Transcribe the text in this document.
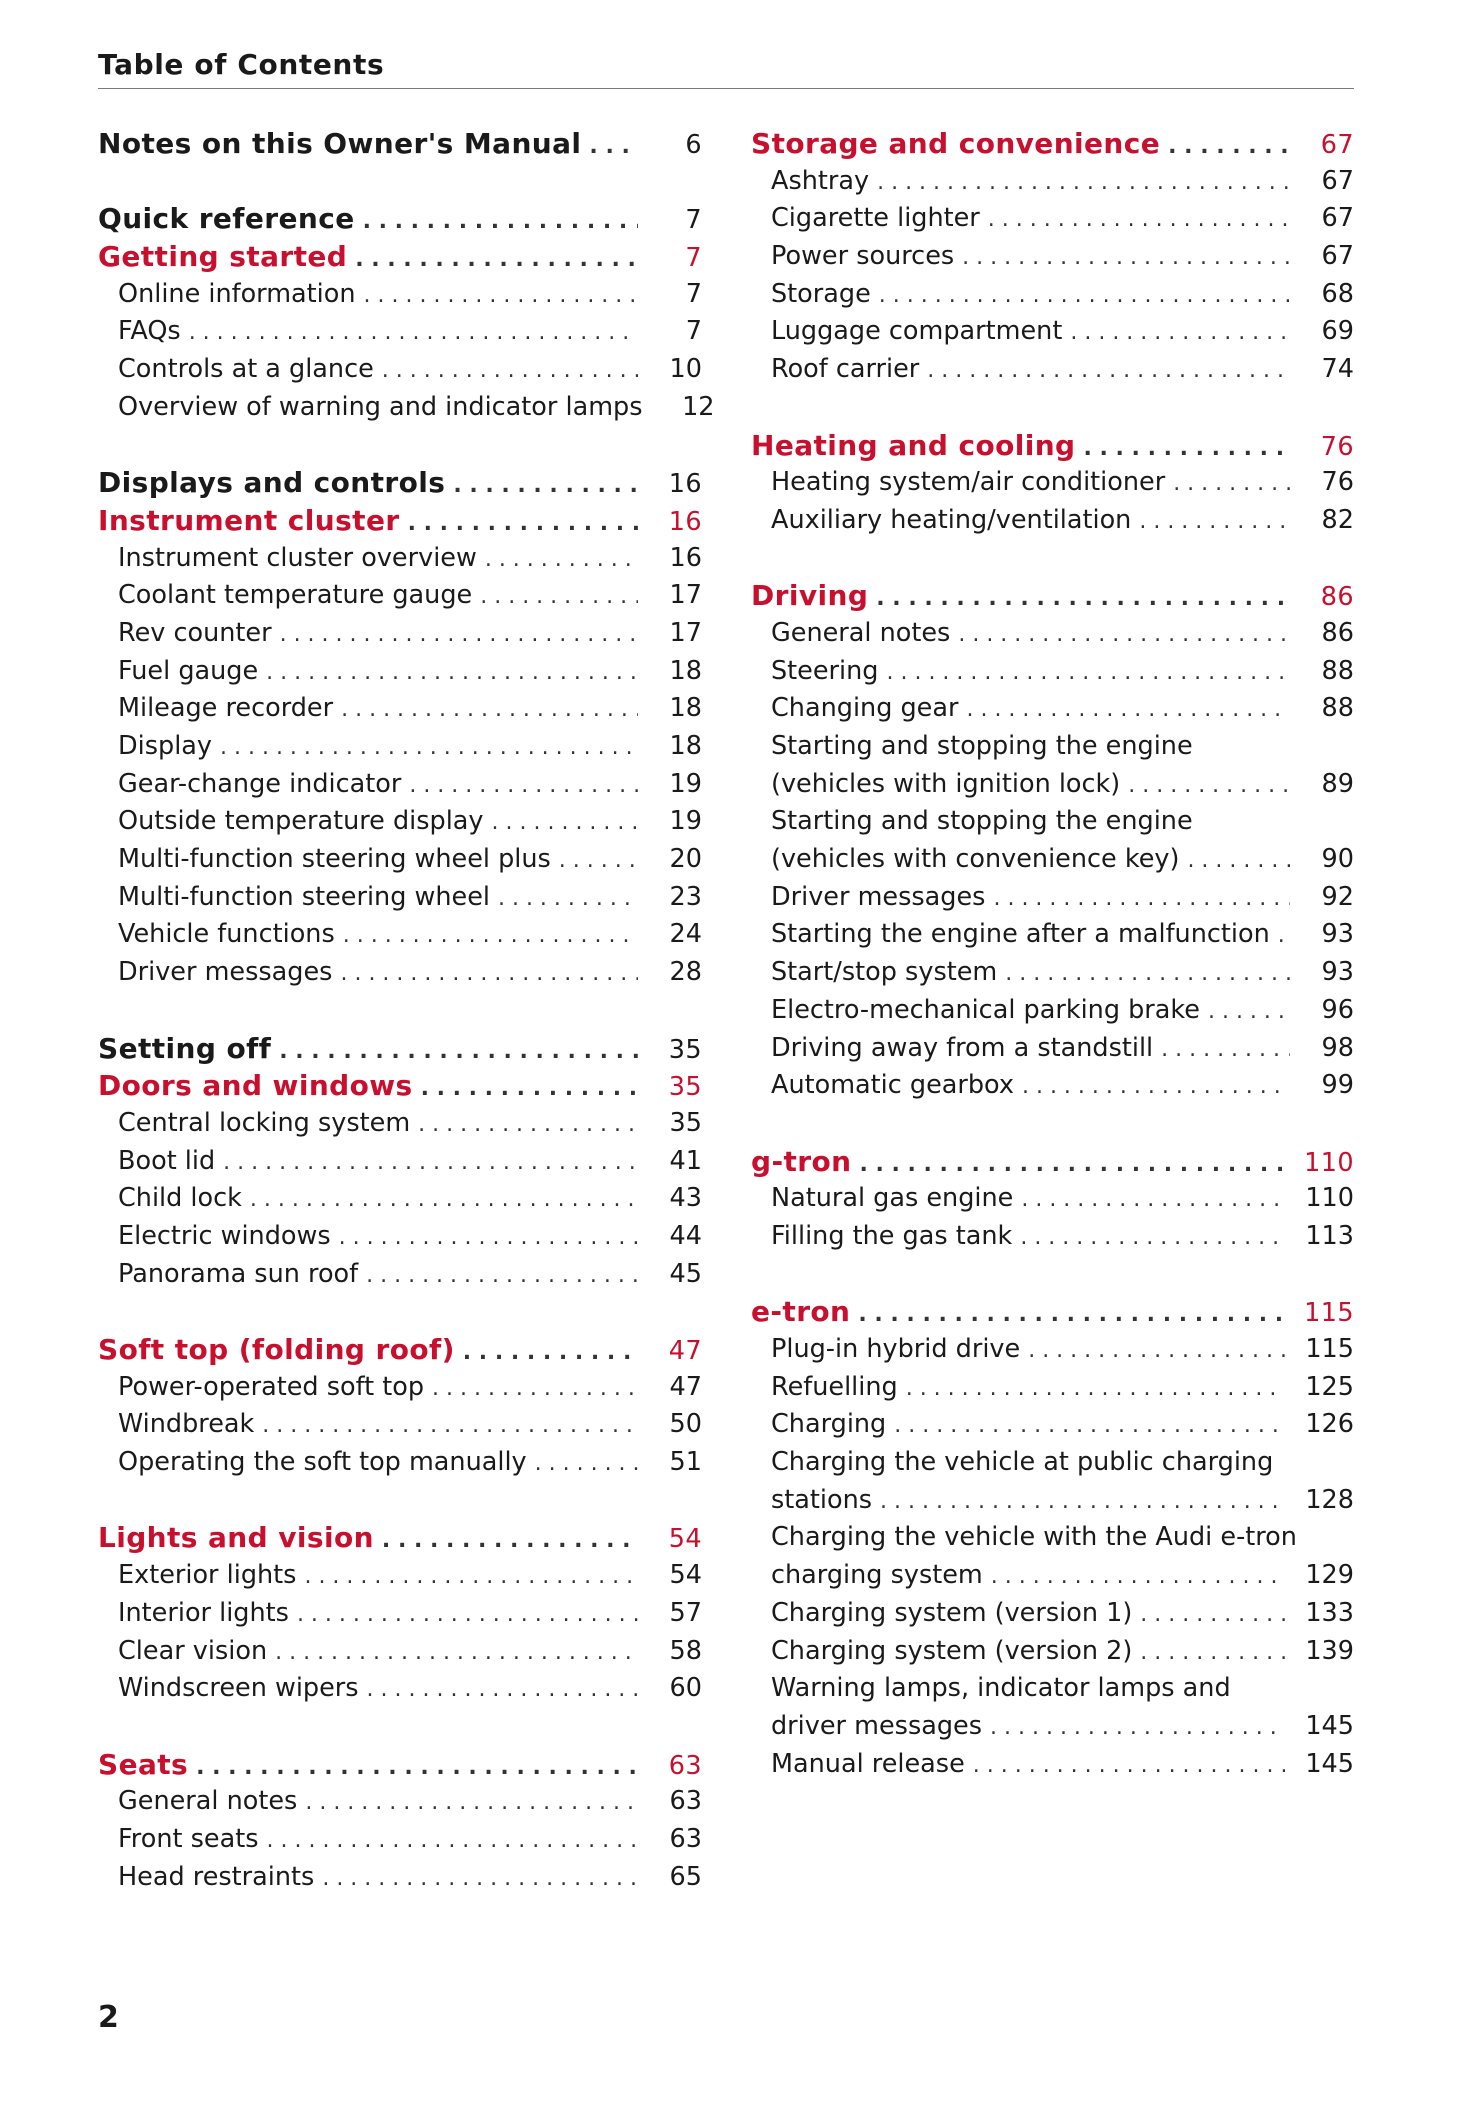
Table of Contents
Notes on this Owner's Manual . . .	6
Quick reference . . .	7
Getting started . . .	7
Online information . . .	7
FAQs . . .	7
Controls at a glance . . .	10
Overview of warning and indicator lamps	12
Displays and controls . . .	16
Instrument cluster . . .	16
Instrument cluster overview . . .	16
Coolant temperature gauge . . .	17
Rev counter . . .	17
Fuel gauge . . .	18
Mileage recorder . . .	18
Display . . .	18
Gear-change indicator . . .	19
Outside temperature display . . .	19
Multi-function steering wheel plus . . .	20
Multi-function steering wheel . . .	23
Vehicle functions . . .	24
Driver messages . . .	28
Setting off . . .	35
Doors and windows . . .	35
Central locking system . . .	35
Boot lid . . .	41
Child lock . . .	43
Electric windows . . .	44
Panorama sun roof . . .	45
Soft top (folding roof) . . .	47
Power-operated soft top . . .	47
Windbreak . . .	50
Operating the soft top manually . . .	51
Lights and vision . . .	54
Exterior lights . . .	54
Interior lights . . .	57
Clear vision . . .	58
Windscreen wipers . . .	60
Seats . . .	63
General notes . . .	63
Front seats . . .	63
Head restraints . . .	65
Storage and convenience . . .	67
Ashtray . . .	67
Cigarette lighter . . .	67
Power sources . . .	67
Storage . . .	68
Luggage compartment . . .	69
Roof carrier . . .	74
Heating and cooling . . .	76
Heating system/air conditioner . . .	76
Auxiliary heating/ventilation . . .	82
Driving . . .	86
General notes . . .	86
Steering . . .	88
Changing gear . . .	88
Starting and stopping the engine
(vehicles with ignition lock) . . .	89
Starting and stopping the engine
(vehicles with convenience key) . . .	90
Driver messages . . .	92
Starting the engine after a malfunction . . .	93
Start/stop system . . .	93
Electro-mechanical parking brake . . .	96
Driving away from a standstill . . .	98
Automatic gearbox . . .	99
g-tron . . .	110
Natural gas engine . . .	110
Filling the gas tank . . .	113
e-tron . . .	115
Plug-in hybrid drive . . .	115
Refuelling . . .	125
Charging . . .	126
Charging the vehicle at public charging
stations . . .	128
Charging the vehicle with the Audi e-tron
charging system . . .	129
Charging system (version 1) . . .	133
Charging system (version 2) . . .	139
Warning lamps, indicator lamps and
driver messages . . .	145
Manual release . . .	145
2
